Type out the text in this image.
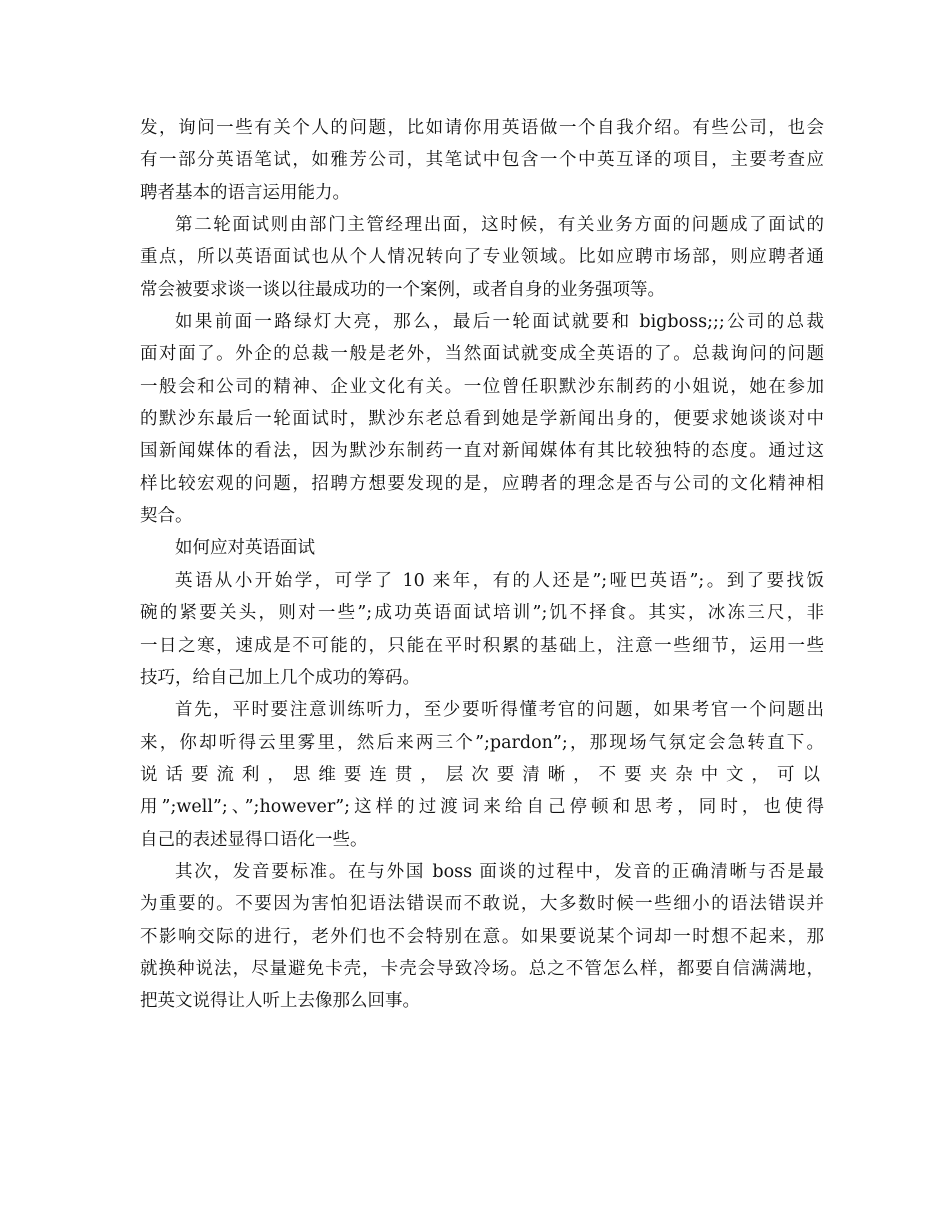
发，询问一些有关个人的问题，比如请你用英语做一个自我介绍。有些公司，也会
有一部分英语笔试，如雅芳公司，其笔试中包含一个中英互译的项目，主要考查应
聘者基本的语言运用能力。
第二轮面试则由部门主管经理出面，这时候，有关业务方面的问题成了面试的
重点，所以英语面试也从个人情况转向了专业领域。比如应聘市场部，则应聘者通
常会被要求谈一谈以往最成功的一个案例，或者自身的业务强项等。
如果前面一路绿灯大亮，那么，最后一轮面试就要和 bigboss;;;公司的总裁
面对面了。外企的总裁一般是老外，当然面试就变成全英语的了。总裁询问的问题
一般会和公司的精神、企业文化有关。一位曾任职默沙东制药的小姐说，她在参加
的默沙东最后一轮面试时，默沙东老总看到她是学新闻出身的，便要求她谈谈对中
国新闻媒体的看法，因为默沙东制药一直对新闻媒体有其比较独特的态度。通过这
样比较宏观的问题，招聘方想要发现的是，应聘者的理念是否与公司的文化精神相
契合。
如何应对英语面试
英语从小开始学，可学了 10 来年，有的人还是”;哑巴英语”;。到了要找饭
碗的紧要关头，则对一些”;成功英语面试培训”;饥不择食。其实，冰冻三尺，非
一日之寒，速成是不可能的，只能在平时积累的基础上，注意一些细节，运用一些
技巧，给自己加上几个成功的筹码。
首先，平时要注意训练听力，至少要听得懂考官的问题，如果考官一个问题出
来，你却听得云里雾里，然后来两三个”;pardon”;，那现场气氛定会急转直下。
说话要流利，思维要连贯，层次要清晰，不要夹杂中文，可以
用”;well”;、”;however”;这样的过渡词来给自己停顿和思考，同时，也使得
自己的表述显得口语化一些。
其次，发音要标准。在与外国 boss 面谈的过程中，发音的正确清晰与否是最
为重要的。不要因为害怕犯语法错误而不敢说，大多数时候一些细小的语法错误并
不影响交际的进行，老外们也不会特别在意。如果要说某个词却一时想不起来，那
就换种说法，尽量避免卡壳，卡壳会导致冷场。总之不管怎么样，都要自信满满地，
把英文说得让人听上去像那么回事。
